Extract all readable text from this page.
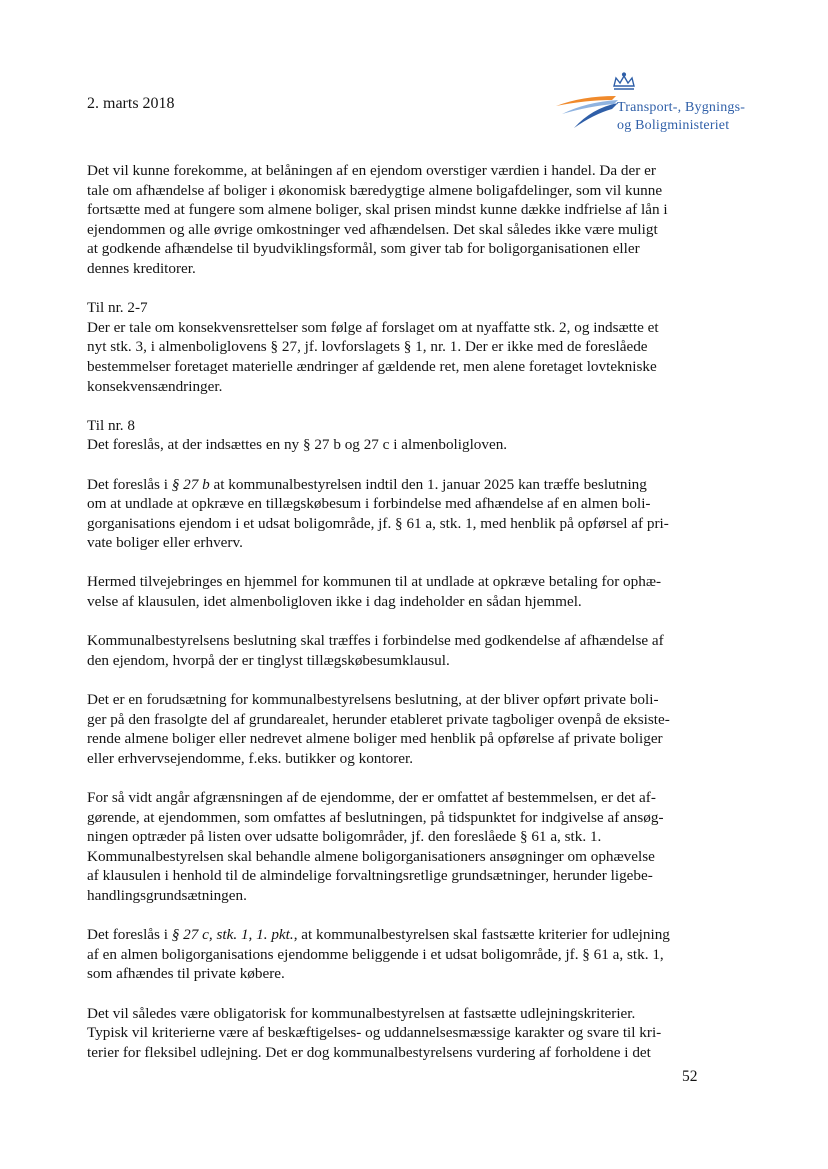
2. marts 2018	Transport-, Bygnings-
og Boligministeriet
Det vil kunne forekomme, at belåningen af en ejendom overstiger værdien i handel. Da der er
tale om afhændelse af boliger i økonomisk bæredygtige almene boligafdelinger, som vil kunne
fortsætte med at fungere som almene boliger, skal prisen mindst kunne dække indfrielse af lån i
ejendommen og alle øvrige omkostninger ved afhændelsen. Det skal således ikke være muligt
at godkende afhændelse til byudviklingsformål, som giver tab for boligorganisationen eller
dennes kreditorer.
Til nr. 2-7
Der er tale om konsekvensrettelser som følge af forslaget om at nyaffatte stk. 2, og indsætte et
nyt stk. 3, i almenboliglovens § 27, jf. lovforslagets § 1, nr. 1. Der er ikke med de foreslåede
bestemmelser foretaget materielle ændringer af gældende ret, men alene foretaget lovtekniske
konsekvensændringer.
Til nr. 8
Det foreslås, at der indsættes en ny § 27 b og 27 c i almenboligloven.
Det foreslås i § 27 b at kommunalbestyrelsen indtil den 1. januar 2025 kan træffe beslutning
om at undlade at opkræve en tillægskøbesum i forbindelse med afhændelse af en almen boli-
gorganisations ejendom i et udsat boligområde, jf. § 61 a, stk. 1, med henblik på opførsel af pri-
vate boliger eller erhverv.
Hermed tilvejebringes en hjemmel for kommunen til at undlade at opkræve betaling for ophæ-
velse af klausulen, idet almenboligloven ikke i dag indeholder en sådan hjemmel.
Kommunalbestyrelsens beslutning skal træffes i forbindelse med godkendelse af afhændelse af
den ejendom, hvorpå der er tinglyst tillægskøbesumklausul.
Det er en forudsætning for kommunalbestyrelsens beslutning, at der bliver opført private boli-
ger på den frasolgte del af grundarealet, herunder etableret private tagboliger ovenpå de eksiste-
rende almene boliger eller nedrevet almene boliger med henblik på opførelse af private boliger
eller erhvervsejendomme, f.eks. butikker og kontorer.
For så vidt angår afgrænsningen af de ejendomme, der er omfattet af bestemmelsen, er det af-
gørende, at ejendommen, som omfattes af beslutningen, på tidspunktet for indgivelse af ansøg-
ningen optræder på listen over udsatte boligområder, jf. den foreslåede § 61 a, stk. 1.
Kommunalbestyrelsen skal behandle almene boligorganisationers ansøgninger om ophævelse
af klausulen i henhold til de almindelige forvaltningsretlige grundsætninger, herunder ligebe-
handlingsgrundsætningen.
Det foreslås i § 27 c, stk. 1, 1. pkt., at kommunalbestyrelsen skal fastsætte kriterier for udlejning
af en almen boligorganisations ejendomme beliggende i et udsat boligområde, jf. § 61 a, stk. 1,
som afhændes til private købere.
Det vil således være obligatorisk for kommunalbestyrelsen at fastsætte udlejningskriterier.
Typisk vil kriterierne være af beskæftigelses- og uddannelsesmæssige karakter og svare til kri-
terier for fleksibel udlejning. Det er dog kommunalbestyrelsens vurdering af forholdene i det
52
